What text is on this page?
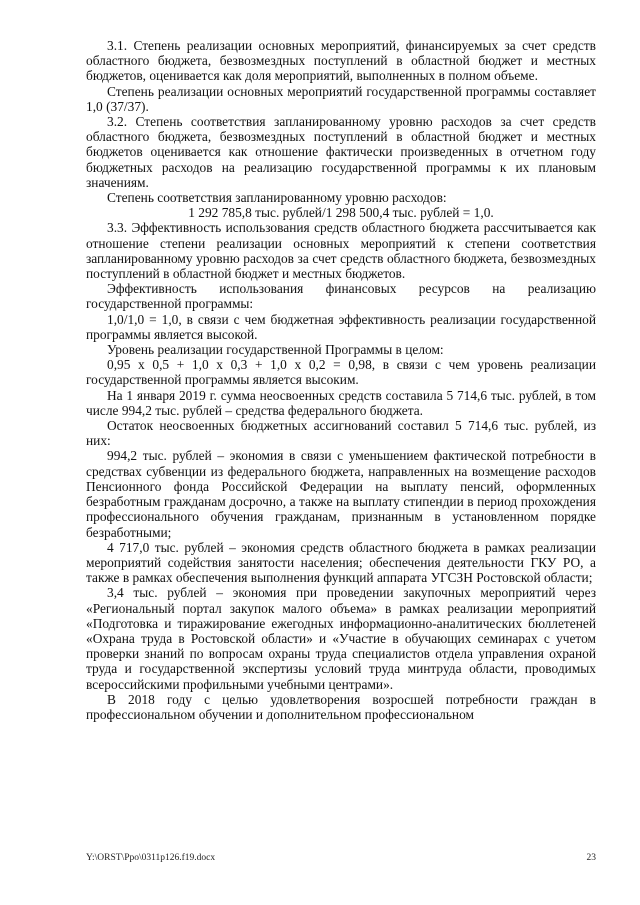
3.1. Степень реализации основных мероприятий, финансируемых за счет средств областного бюджета, безвозмездных поступлений в областной бюджет и местных бюджетов, оценивается как доля мероприятий, выполненных в полном объеме.

Степень реализации основных мероприятий государственной программы составляет 1,0 (37/37).

3.2. Степень соответствия запланированному уровню расходов за счет средств областного бюджета, безвозмездных поступлений в областной бюджет и местных бюджетов оценивается как отношение фактически произведенных в отчетном году бюджетных расходов на реализацию государственной программы к их плановым значениям.

Степень соответствия запланированному уровню расходов:

1 292 785,8 тыс. рублей/1 298 500,4 тыс. рублей = 1,0.

3.3. Эффективность использования средств областного бюджета рассчитывается как отношение степени реализации основных мероприятий к степени соответствия запланированному уровню расходов за счет средств областного бюджета, безвозмездных поступлений в областной бюджет и местных бюджетов.

Эффективность использования финансовых ресурсов на реализацию государственной программы:

1,0/1,0 = 1,0, в связи с чем бюджетная эффективность реализации государственной программы является высокой.

Уровень реализации государственной Программы в целом:

0,95 х 0,5 + 1,0 х 0,3 + 1,0 х 0,2 = 0,98, в связи с чем уровень реализации государственной программы является высоким.

На 1 января 2019 г. сумма неосвоенных средств составила 5 714,6 тыс. рублей, в том числе 994,2 тыс. рублей – средства федерального бюджета.

Остаток неосвоенных бюджетных ассигнований составил 5 714,6 тыс. рублей, из них:

994,2 тыс. рублей – экономия в связи с уменьшением фактической потребности в средствах субвенции из федерального бюджета, направленных на возмещение расходов Пенсионного фонда Российской Федерации на выплату пенсий, оформленных безработным гражданам досрочно, а также на выплату стипендии в период прохождения профессионального обучения гражданам, признанным в установленном порядке безработными;

4 717,0 тыс. рублей – экономия средств областного бюджета в рамках реализации мероприятий содействия занятости населения; обеспечения деятельности ГКУ РО, а также в рамках обеспечения выполнения функций аппарата УГСЗН Ростовской области;

3,4 тыс. рублей – экономия при проведении закупочных мероприятий через «Региональный портал закупок малого объема» в рамках реализации мероприятий «Подготовка и тиражирование ежегодных информационно-аналитических бюллетеней «Охрана труда в Ростовской области» и «Участие в обучающих семинарах с учетом проверки знаний по вопросам охраны труда специалистов отдела управления охраной труда и государственной экспертизы условий труда минтруда области, проводимых всероссийскими профильными учебными центрами».

В 2018 году с целью удовлетворения возросшей потребности граждан в профессиональном обучении и дополнительном профессиональном

Y:\ORST\Ppo\0311p126.f19.docx	23
